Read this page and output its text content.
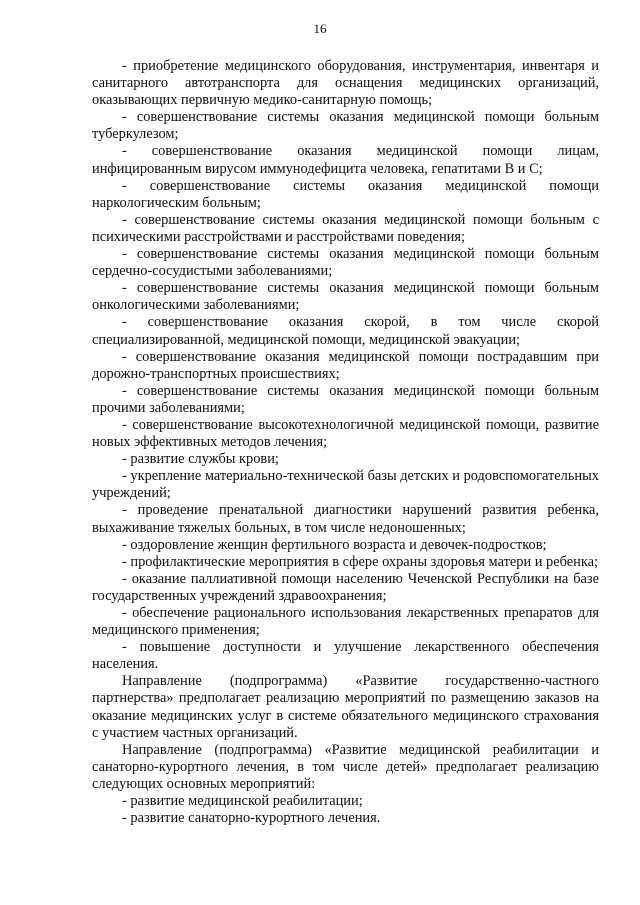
16

- приобретение медицинского оборудования, инструментария, инвентаря и санитарного автотранспорта для оснащения медицинских организаций, оказывающих первичную медико-санитарную помощь;

- совершенствование системы оказания медицинской помощи больным туберкулезом;

- совершенствование оказания медицинской помощи лицам, инфицированным вирусом иммунодефицита человека, гепатитами В и С;

- совершенствование системы оказания медицинской помощи наркологическим больным;

- совершенствование системы оказания медицинской помощи больным с психическими расстройствами и расстройствами поведения;

- совершенствование системы оказания медицинской помощи больным сердечно-сосудистыми заболеваниями;

- совершенствование системы оказания медицинской помощи больным онкологическими заболеваниями;

- совершенствование оказания скорой, в том числе скорой специализированной, медицинской помощи, медицинской эвакуации;

- совершенствование оказания медицинской помощи пострадавшим при дорожно-транспортных происшествиях;

- совершенствование системы оказания медицинской помощи больным прочими заболеваниями;

- совершенствование высокотехнологичной медицинской помощи, развитие новых эффективных методов лечения;

- развитие службы крови;

- укрепление материально-технической базы детских и родовспомогательных учреждений;

- проведение пренатальной диагностики нарушений развития ребенка, выхаживание тяжелых больных, в том числе недоношенных;

- оздоровление женщин фертильного возраста и девочек-подростков;

- профилактические мероприятия в сфере охраны здоровья матери и ребенка;

- оказание паллиативной помощи населению Чеченской Республики на базе государственных учреждений здравоохранения;

- обеспечение рационального использования лекарственных препаратов для медицинского применения;

- повышение доступности и улучшение лекарственного обеспечения населения.

Направление (подпрограмма) «Развитие государственно-частного партнерства» предполагает реализацию мероприятий по размещению заказов на оказание медицинских услуг в системе обязательного медицинского страхования с участием частных организаций.

Направление (подпрограмма) «Развитие медицинской реабилитации и санаторно-курортного лечения, в том числе детей» предполагает реализацию следующих основных мероприятий:

- развитие медицинской реабилитации;

- развитие санаторно-курортного лечения.
